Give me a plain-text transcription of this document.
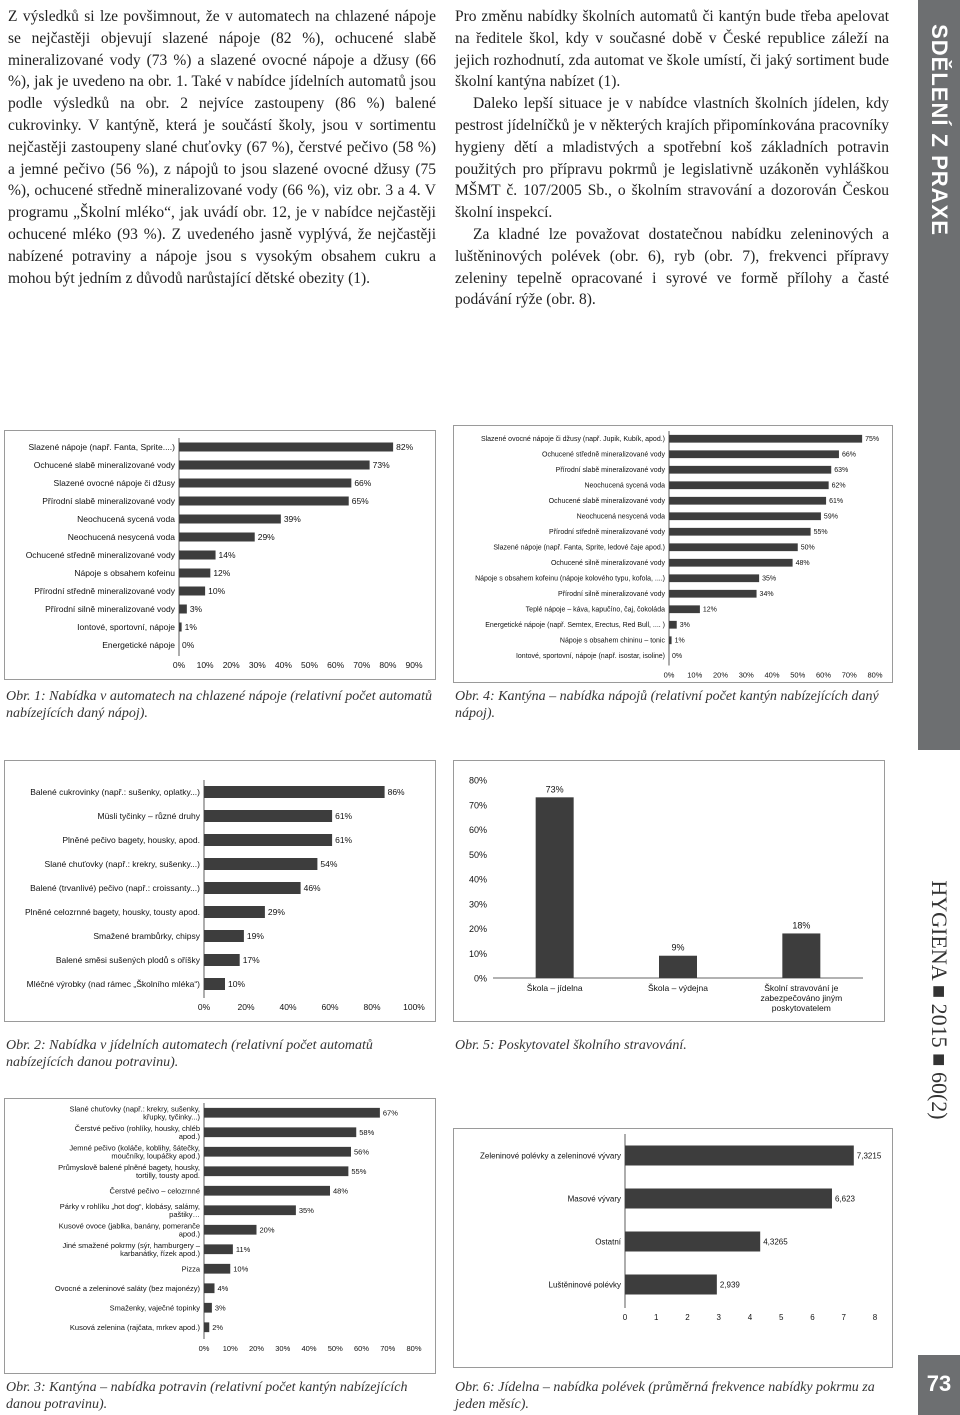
Z výsledků si lze povšimnout, že v automatech na chlazené nápoje se nejčastěji objevují slazené nápoje (82 %), ochucené slabě mineralizované vody (73 %) a slazené ovocné nápoje a džusy (66 %), jak je uvedeno na obr. 1. Také v nabídce jídelních automatů jsou podle výsledků na obr. 2 nejvíce zastoupeny (86 %) balené cukrovinky. V kantýně, která je součástí školy, jsou v sortimentu nejčastěji zastoupeny slané chuťovky (67 %), čerstvé pečivo (58 %) a jemné pečivo (56 %), z nápojů to jsou slazené ovocné džusy (75 %), ochucené středně mineralizované vody (66 %), viz obr. 3 a 4. V programu „Školní mléko“, jak uvádí obr. 12, je v nabídce nejčastěji ochucené mléko (93 %). Z uvedeného jasně vyplývá, že nejčastěji nabízené potraviny a nápoje jsou s vysokým obsahem cukru a mohou být jedním z důvodů narůstající dětské obezity (1).

Pro změnu nabídky školních automatů či kantýn bude třeba apelovat na ředitele škol, kdy v současné době v České republice záleží na jejich rozhodnutí, zda automat ve škole umístí, či jaký sortiment bude školní kantýna nabízet (1).

Daleko lepší situace je v nabídce vlastních školních jídelen, kdy pestrost jídelníčků je v některých krajích připomínkována pracovníky hygieny dětí a mladistvých a spotřební koš základních potravin použitých pro přípravu pokrmů je legislativně uzákoněn vyhláškou MŠMT č. 107/2005 Sb., o školním stravování a dozorován Českou školní inspekcí.

Za kladné lze považovat dostatečnou nabídku zeleninových a luštěninových polévek (obr. 6), ryb (obr. 7), frekvenci přípravy zeleniny tepelně opracované i syrové ve formě přílohy a časté podávání rýže (obr. 8).

SDĚLENÍ Z PRAXE
HYGIENA ■ 2015 ■ 60(2)
73
Slazené nápoje (např. Fanta, Sprite....)	82%
Ochucené slabě mineralizované vody	73%
Slazené ovocné nápoje či džusy	66%
Přírodní slabě mineralizované vody	65%
Neochucená sycená voda	39%
Neochucená nesycená voda	29%
Ochucené středně mineralizované vody	14%
Nápoje s obsahem kofeinu	12%
Přírodní středně mineralizované vody	10%
Přírodní silně mineralizované vody 3%
Iontové, sportovní, nápoje 1%
Energetické nápoje 0%
0% 10% 20% 30% 40% 50% 60% 70% 80% 90%
Obr. 1: Nabídka v automatech na chlazené nápoje (relativní počet automatů nabízejících daný nápoj).
Slazené ovocné nápoje či džusy (např. Jupik, Kubík, apod.)	75%
Ochucené středně mineralizované vody	66%
Přírodní slabě mineralizované vody	63%
Neochucená sycená voda	62%
Ochucené slabě mineralizované vody	61%
Neochucená nesycená voda	59%
Přírodní středně mineralizované vody	55%
Slazené nápoje (např. Fanta, Sprite, ledové čaje apod.)	50%
Ochucené silně mineralizované vody	48%
Nápoje s obsahem kofeinu (nápoje kolového typu, kofola, ....)	35%
Přírodní silně mineralizované vody	34%
Teplé nápoje – káva, kapučíno, čaj, čokoláda	12%
Energetické nápoje (např. Semtex, Erectus, Red Bull, .... ) 3%
Nápoje s obsahem chininu – tonic 1%
Iontové, sportovní, nápoje (např. isostar, isoline) 0%
0% 10% 20% 30% 40% 50% 60% 70% 80%
Obr. 4: Kantýna – nabídka nápojů (relativní počet kantýn nabízejících daný nápoj).
Balené cukrovinky (např.: sušenky, oplatky...)	86%
Müsli tyčinky – různé druhy	61%
Plněné pečivo bagety, housky, apod.	61%
Slané chuťovky (např.: krekry, sušenky...)	54%
Balené (trvanlivé) pečivo (např.: croissanty...)	46%
Plněné celozrnné bagety, housky, tousty apod.	29%
Smažené brambůrky, chipsy	19%
Balené směsi sušených plodů s oříšky	17%
Mléčné výrobky (nad rámec „Školního mléka“)	10%
0%	20%	40%	60%	80%	100%
Obr. 2: Nabídka v jídelních automatech (relativní počet automatů nabízejících danou potravinu).
0%
10%
20%
30%
40%
50%
60%
70%
80%
73%
Škola – jídelna
9%
Škola – výdejna
18%
Školní stravování je zabezpečováno jiným poskytovatelem
Obr. 5: Poskytovatel školního stravování.
Slané chuťovky (např.: krekry, sušenky, křupky, tyčinky...)	67%
Čerstvé pečivo (rohlíky, housky, chléb apod.)	58%
Jemné pečivo (koláče, koblihy, šátečky, moučníky, loupáčky apod.)	56%
Průmyslově balené plněné bagety, housky, tortilly, tousty apod.	55%
Čerstvé pečivo – celozrnné	48%
Párky v rohlíku „hot dog“, klobásy, salámy, paštiky…	35%
Kusové ovoce (jablka, banány, pomeranče apod.)	20%
Jiné smažené pokrmy (sýr, hamburgery – karbanátky, řízek apod.)	11%
Pizza	10%
Ovocné a zeleninové saláty (bez majonézy) 4%
Smaženky, vaječné topinky 3%
Kusová zelenina (rajčata, mrkev apod.) 2%
0% 10% 20% 30% 40% 50% 60% 70% 80%
Obr. 3: Kantýna – nabídka potravin (relativní počet kantýn nabízejících danou potravinu).
Zeleninové polévky a zeleninové vývary	7,3215
Masové vývary	6,623
Ostatní	4,3265
Luštěninové polévky	2,939
0	1	2	3	4	5	6	7	8
Obr. 6: Jídelna – nabídka polévek (průměrná frekvence nabídky pokrmu za jeden měsíc).
